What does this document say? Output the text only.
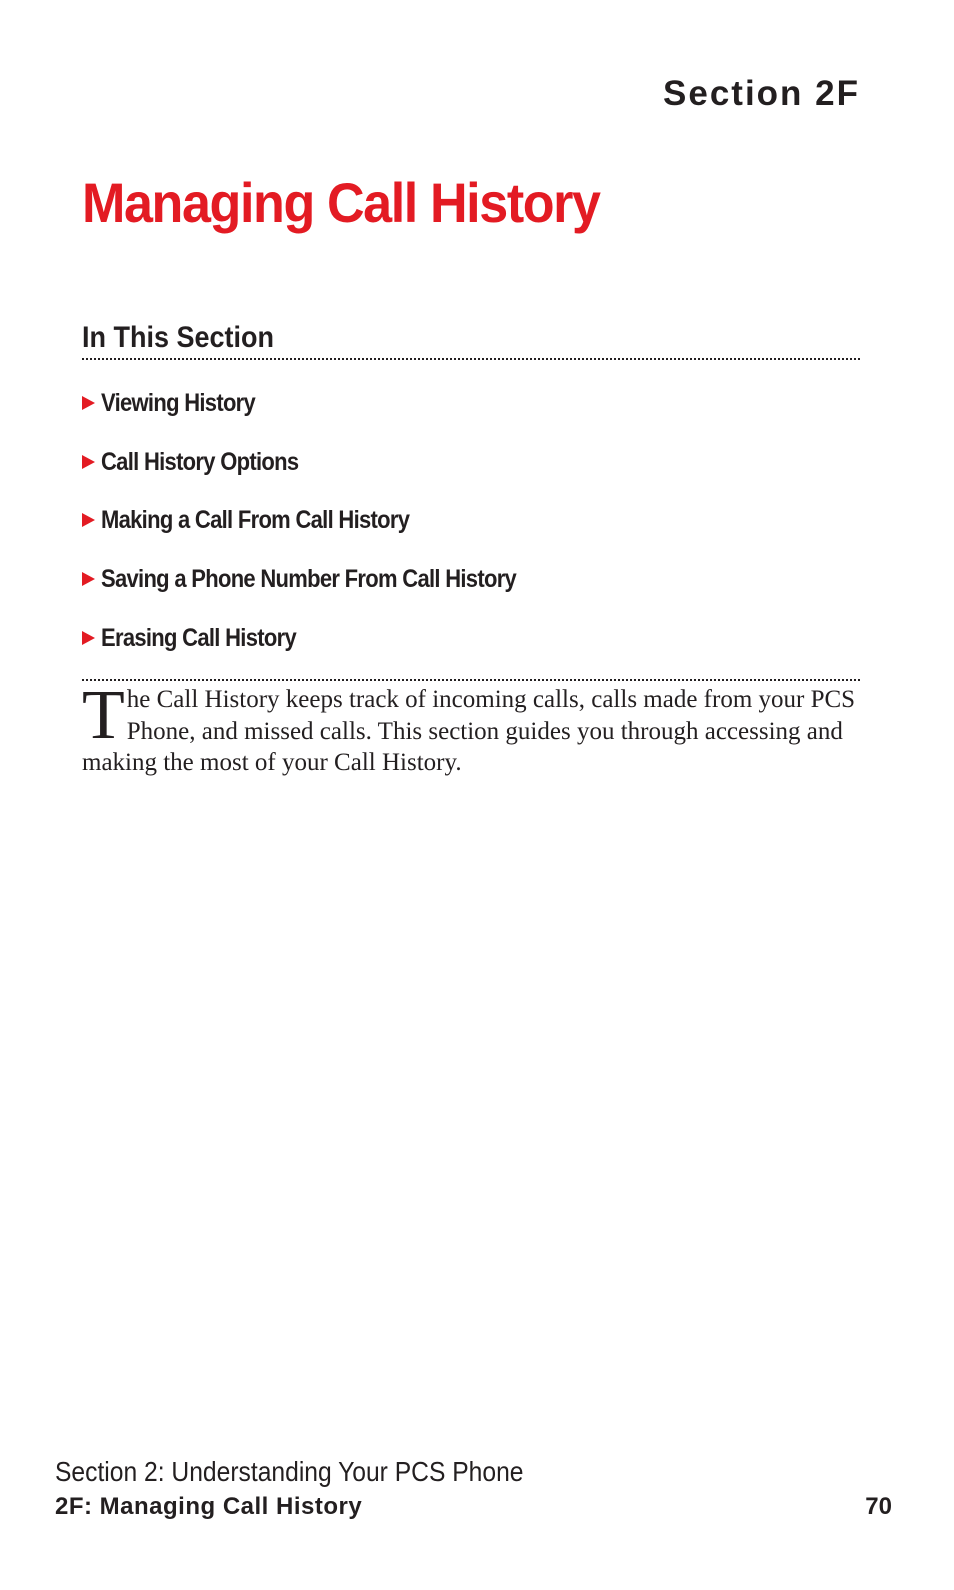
Section 2F
Managing Call History
In This Section
Viewing History
Call History Options
Making a Call From Call History
Saving a Phone Number From Call History
Erasing Call History

The Call History keeps track of incoming calls, calls made from your PCS Phone, and missed calls. This section guides you through accessing and making the most of your Call History.

Section 2: Understanding Your PCS Phone
2F: Managing Call History	70
